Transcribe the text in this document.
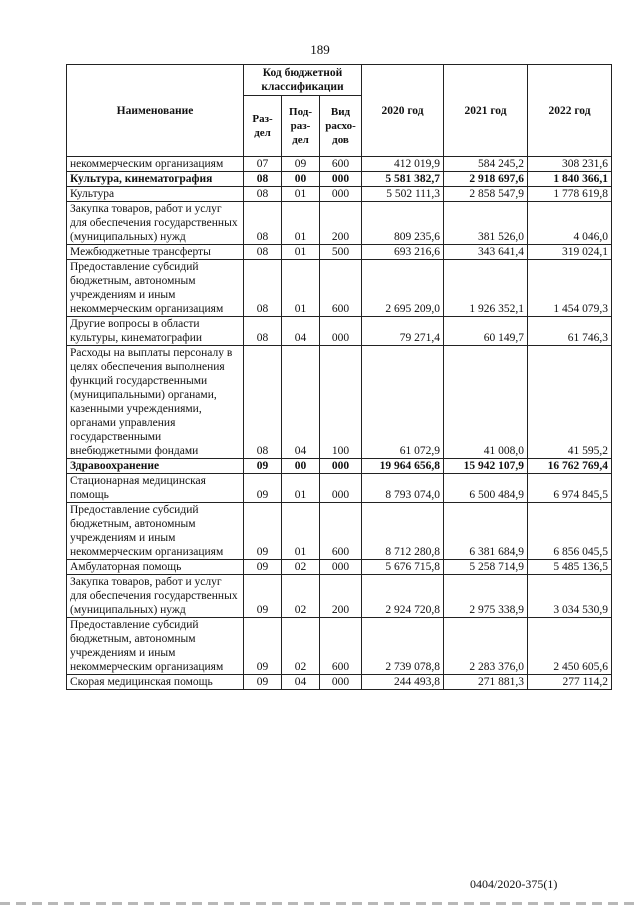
189
Наименование	Код бюджетной классификации			2020 год	2021 год	2022 год
	Раз- дел	Под- раз- дел	Вид расхо- дов			
некоммерческим организациям	07	09	600	412 019,9	584 245,2	308 231,6
Культура, кинематография	08	00	000	5 581 382,7	2 918 697,6	1 840 366,1
Культура	08	01	000	5 502 111,3	2 858 547,9	1 778 619,8
Закупка товаров, работ и услуг для обеспечения государственных (муниципальных) нужд	08	01	200	809 235,6	381 526,0	4 046,0
Межбюджетные трансферты	08	01	500	693 216,6	343 641,4	319 024,1
Предоставление субсидий бюджетным, автономным учреждениям и иным некоммерческим организациям	08	01	600	2 695 209,0	1 926 352,1	1 454 079,3
Другие вопросы в области культуры, кинематографии	08	04	000	79 271,4	60 149,7	61 746,3
Расходы на выплаты персоналу в целях обеспечения выполнения функций государственными (муниципальными) органами, казенными учреждениями, органами управления государственными внебюджетными фондами	08	04	100	61 072,9	41 008,0	41 595,2
Здравоохранение	09	00	000	19 964 656,8	15 942 107,9	16 762 769,4
Стационарная медицинская помощь	09	01	000	8 793 074,0	6 500 484,9	6 974 845,5
Предоставление субсидий бюджетным, автономным учреждениям и иным некоммерческим организациям	09	01	600	8 712 280,8	6 381 684,9	6 856 045,5
Амбулаторная помощь	09	02	000	5 676 715,8	5 258 714,9	5 485 136,5
Закупка товаров, работ и услуг для обеспечения государственных (муниципальных) нужд	09	02	200	2 924 720,8	2 975 338,9	3 034 530,9
Предоставление субсидий бюджетным, автономным учреждениям и иным некоммерческим организациям	09	02	600	2 739 078,8	2 283 376,0	2 450 605,6
Скорая медицинская помощь	09	04	000	244 493,8	271 881,3	277 114,2
0404/2020-375(1)
